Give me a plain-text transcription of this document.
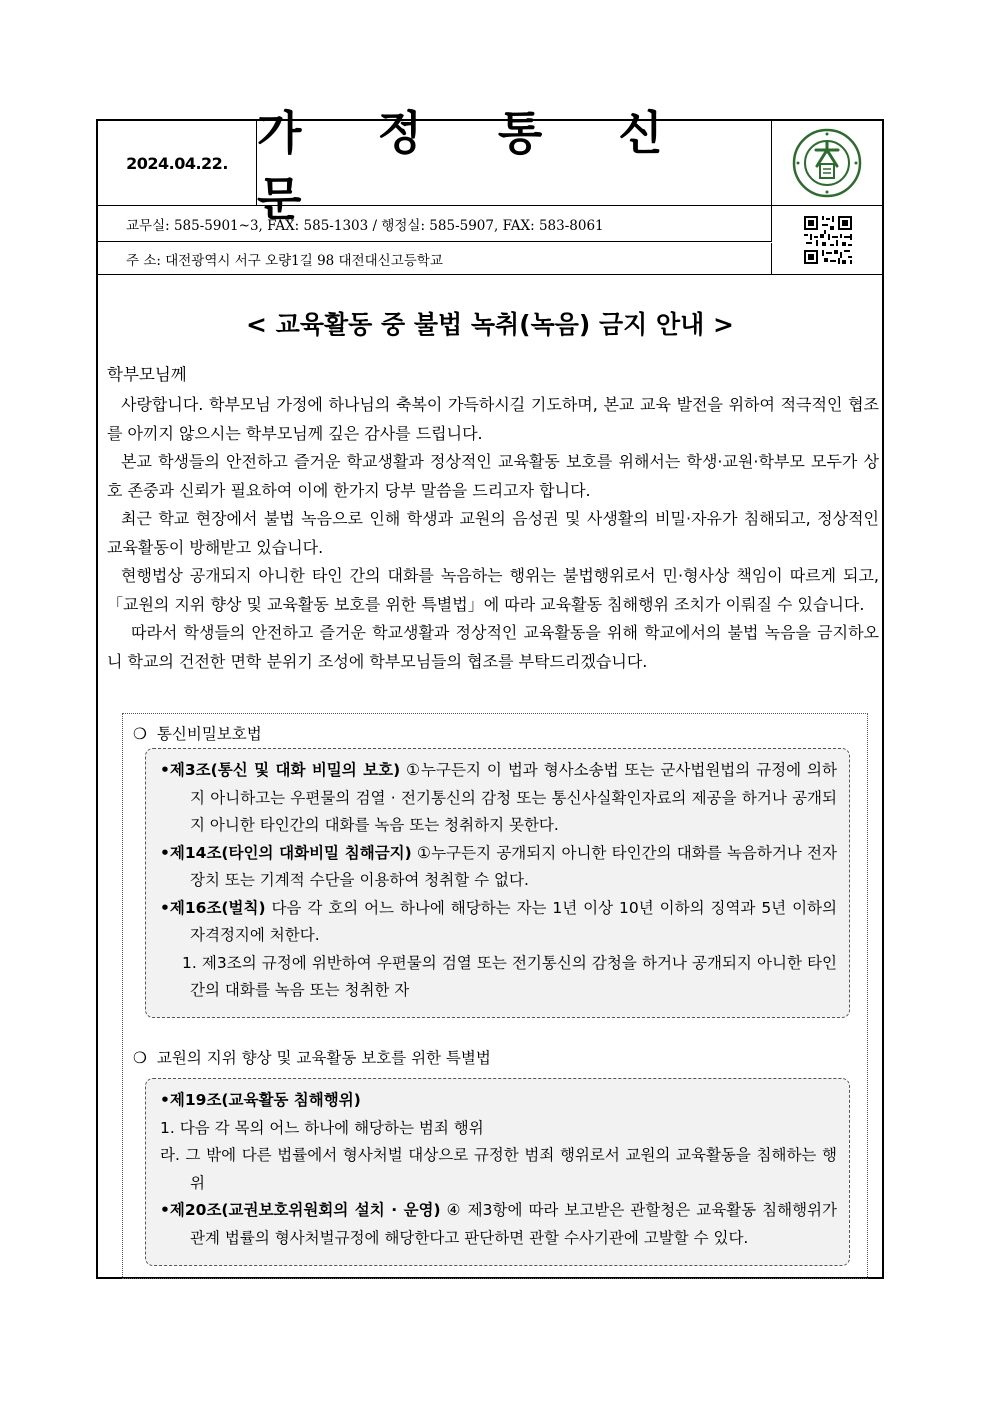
2024.04.22.
가 정 통 신 문
교무실: 585-5901~3, FAX: 585-1303 / 행정실: 585-5907, FAX: 583-8061
주 소: 대전광역시 서구 오량1길 98 대전대신고등학교
< 교육활동 중 불법 녹취(녹음) 금지 안내 >
학부모님께

사랑합니다. 학부모님 가정에 하나님의 축복이 가득하시길 기도하며, 본교 교육 발전을 위하여 적극적인 협조를 아끼지 않으시는 학부모님께 깊은 감사를 드립니다.

본교 학생들의 안전하고 즐거운 학교생활과 정상적인 교육활동 보호를 위해서는 학생·교원·학부모 모두가 상호 존중과 신뢰가 필요하여 이에 한가지 당부 말씀을 드리고자 합니다.

최근 학교 현장에서 불법 녹음으로 인해 학생과 교원의 음성권 및 사생활의 비밀·자유가 침해되고, 정상적인 교육활동이 방해받고 있습니다.

현행법상 공개되지 아니한 타인 간의 대화를 녹음하는 행위는 불법행위로서 민·형사상 책임이 따르게 되고, 「교원의 지위 향상 및 교육활동 보호를 위한 특별법」에 따라 교육활동 침해행위 조치가 이뤄질 수 있습니다.

따라서 학생들의 안전하고 즐거운 학교생활과 정상적인 교육활동을 위해 학교에서의 불법 녹음을 금지하오니 학교의 건전한 면학 분위기 조성에 학부모님들의 협조를 부탁드리겠습니다.

❍ 통신비밀보호법

•제3조(통신 및 대화 비밀의 보호) ①누구든지 이 법과 형사소송법 또는 군사법원법의 규정에 의하지 아니하고는 우편물의 검열 · 전기통신의 감청 또는 통신사실확인자료의 제공을 하거나 공개되지 아니한 타인간의 대화를 녹음 또는 청취하지 못한다.

•제14조(타인의 대화비밀 침해금지) ①누구든지 공개되지 아니한 타인간의 대화를 녹음하거나 전자장치 또는 기계적 수단을 이용하여 청취할 수 없다.

•제16조(벌칙) 다음 각 호의 어느 하나에 해당하는 자는 1년 이상 10년 이하의 징역과 5년 이하의 자격정지에 처한다.

1. 제3조의 규정에 위반하여 우편물의 검열 또는 전기통신의 감청을 하거나 공개되지 아니한 타인간의 대화를 녹음 또는 청취한 자

❍ 교원의 지위 향상 및 교육활동 보호를 위한 특별법

•제19조(교육활동 침해행위)

1. 다음 각 목의 어느 하나에 해당하는 범죄 행위

라. 그 밖에 다른 법률에서 형사처벌 대상으로 규정한 범죄 행위로서 교원의 교육활동을 침해하는 행위

•제20조(교권보호위원회의 설치 · 운영) ④ 제3항에 따라 보고받은 관할청은 교육활동 침해행위가 관계 법률의 형사처벌규정에 해당한다고 판단하면 관할 수사기관에 고발할 수 있다.
